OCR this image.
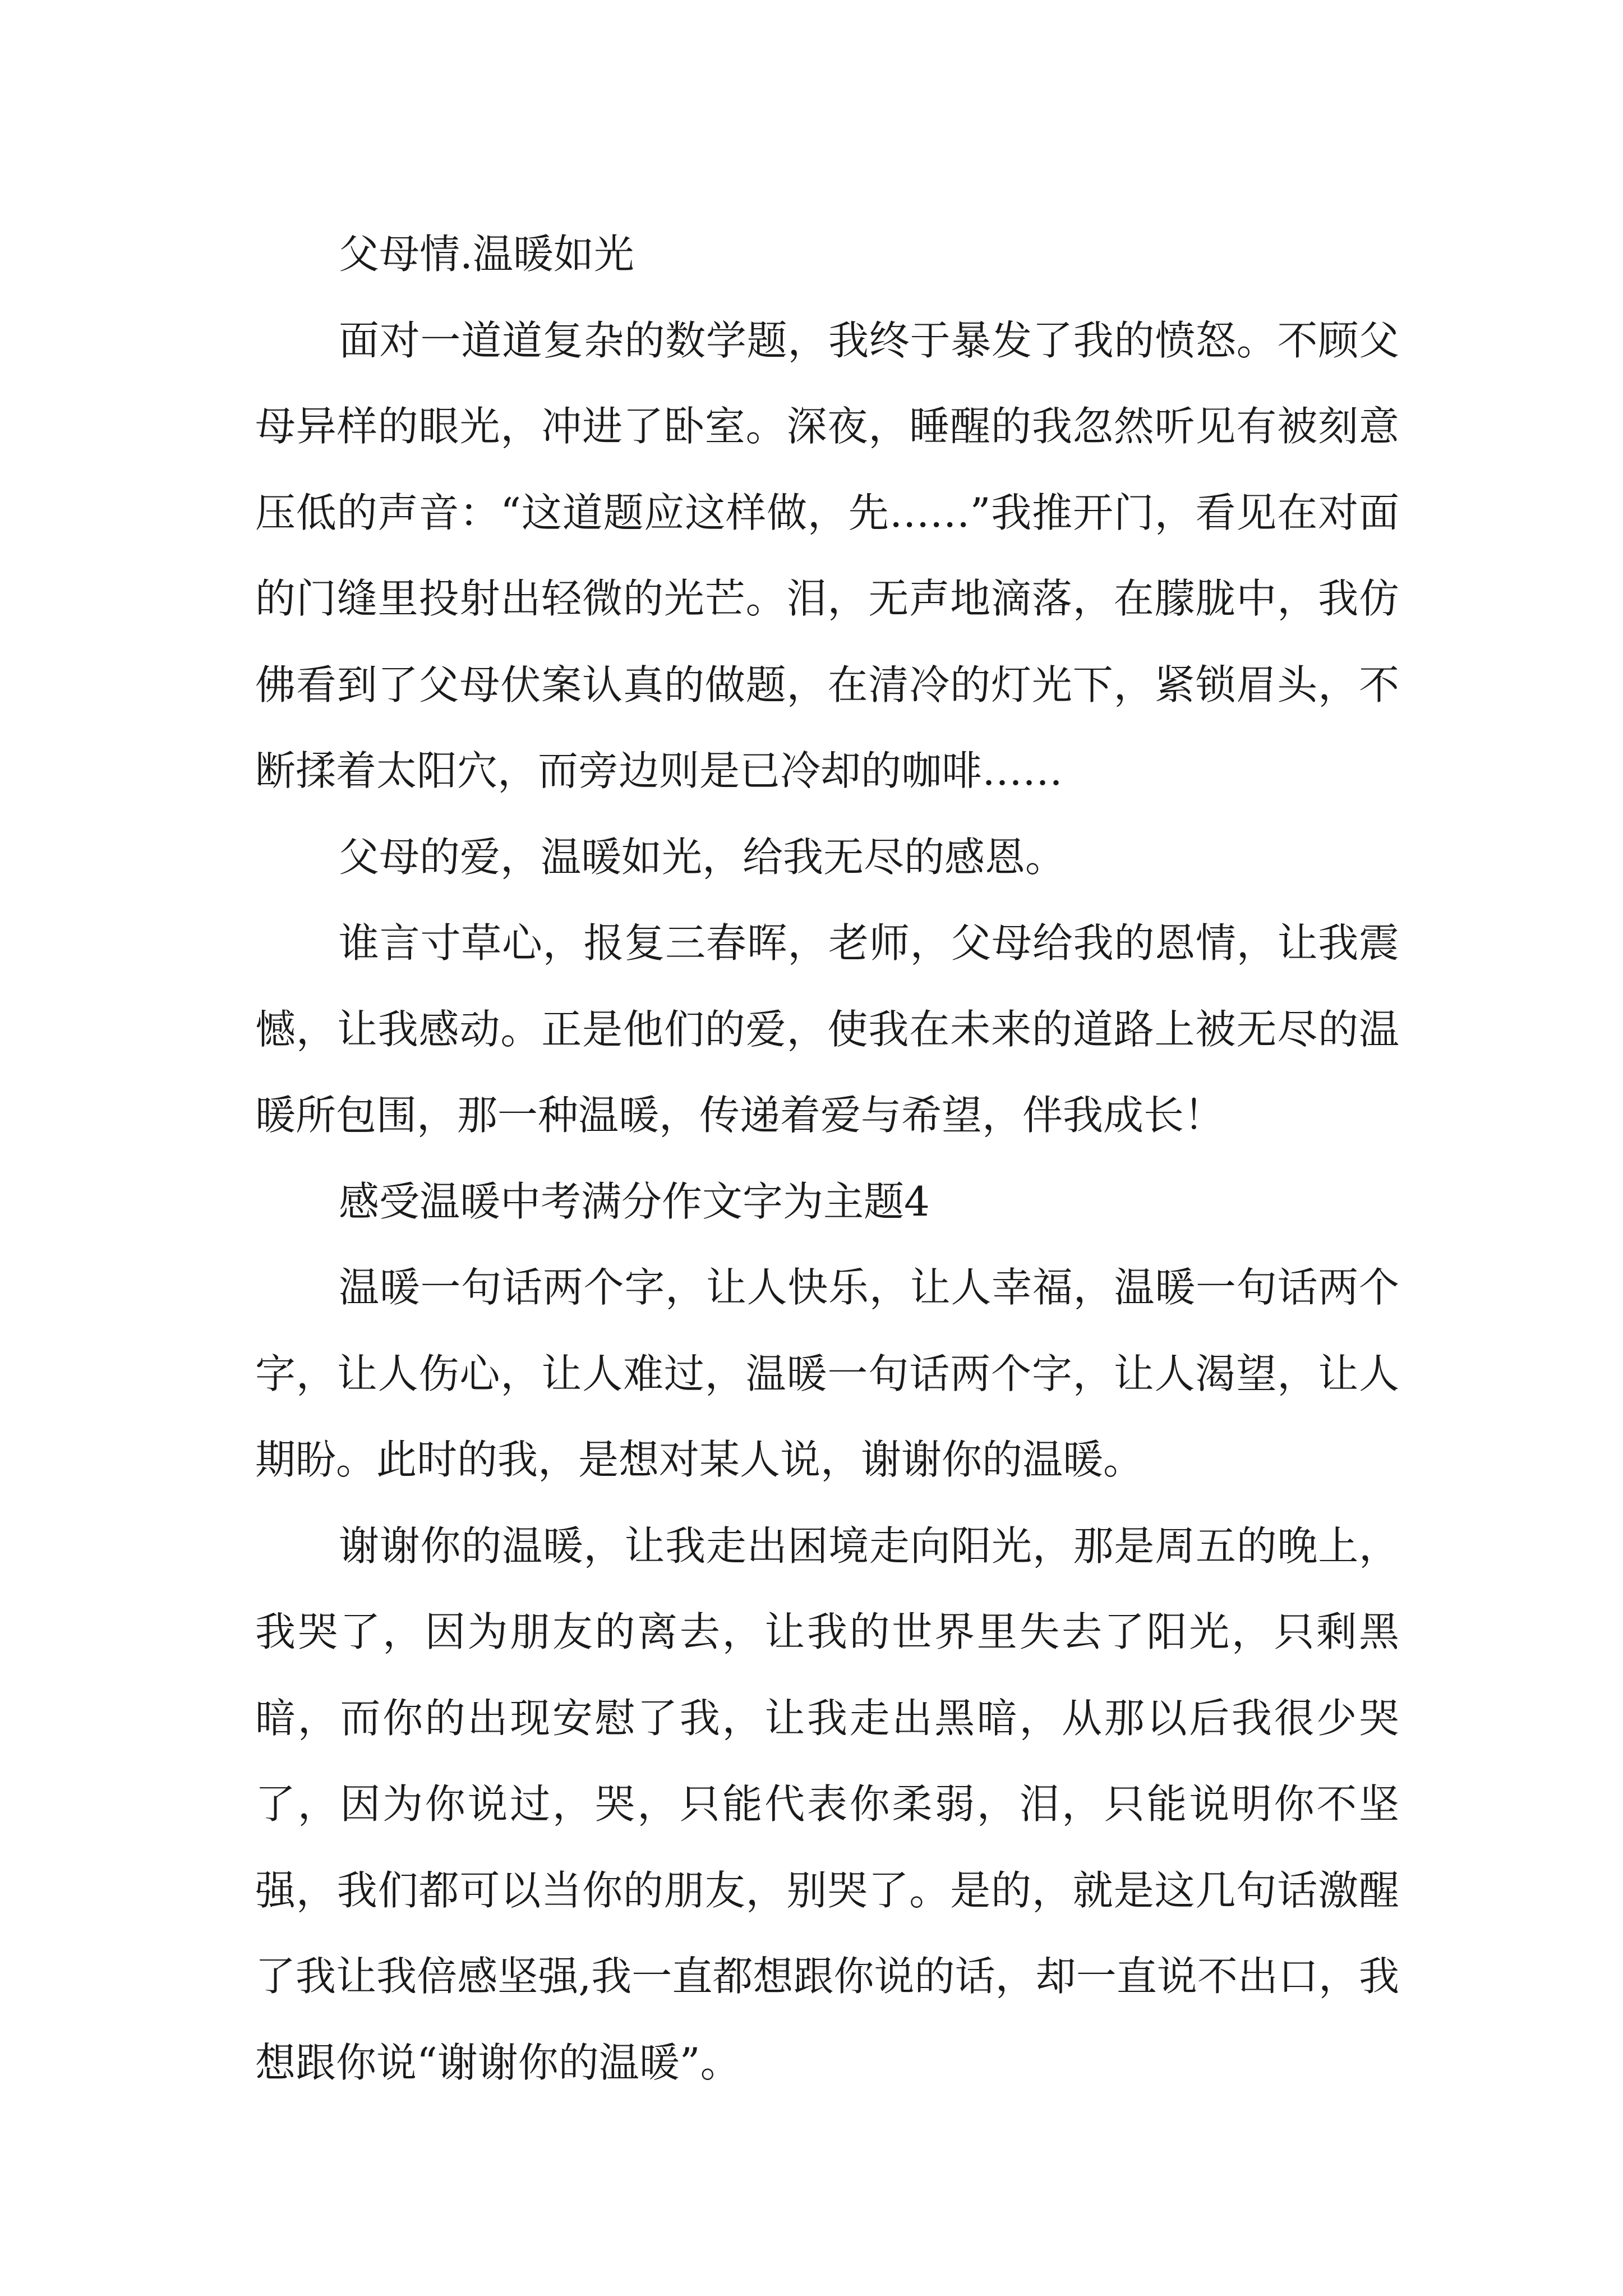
父母情.温暖如光

面对一道道复杂的数学题，我终于暴发了我的愤怒。不顾父母异样的眼光，冲进了卧室。深夜，睡醒的我忽然听见有被刻意压低的声音：“这道题应这样做，先……”我推开门，看见在对面的门缝里投射出轻微的光芒。泪，无声地滴落，在朦胧中，我仿佛看到了父母伏案认真的做题，在清冷的灯光下，紧锁眉头，不断揉着太阳穴，而旁边则是已冷却的咖啡……

父母的爱，温暖如光，给我无尽的感恩。

谁言寸草心，报复三春晖，老师，父母给我的恩情，让我震憾，让我感动。正是他们的爱，使我在未来的道路上被无尽的温暖所包围，那一种温暖，传递着爱与希望，伴我成长！

感受温暖中考满分作文字为主题4

温暖一句话两个字，让人快乐，让人幸福，温暖一句话两个字，让人伤心，让人难过，温暖一句话两个字，让人渴望，让人期盼。此时的我，是想对某人说，谢谢你的温暖。

谢谢你的温暖，让我走出困境走向阳光，那是周五的晚上，我哭了，因为朋友的离去，让我的世界里失去了阳光，只剩黑暗，而你的出现安慰了我，让我走出黑暗，从那以后我很少哭了，因为你说过，哭，只能代表你柔弱，泪，只能说明你不坚强，我们都可以当你的朋友，别哭了。是的，就是这几句话激醒了我让我倍感坚强,我一直都想跟你说的话，却一直说不出口，我想跟你说“谢谢你的温暖”。
